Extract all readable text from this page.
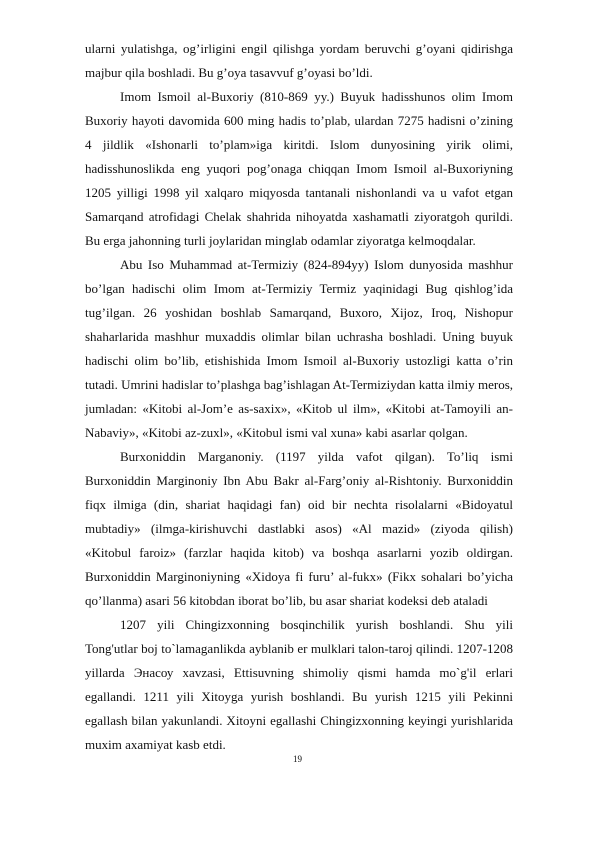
ularni yulatishga, og’irligini engil qilishga yordam beruvchi g’oyani qidirishga majbur qila boshladi. Bu g’oya tasavvuf g’oyasi bo’ldi.

Imom Ismoil al-Buxoriy (810-869 yy.) Buyuk hadisshunos olim Imom Buxoriy hayoti davomida 600 ming hadis to’plab, ulardan 7275 hadisni o’zining 4 jildlik «Ishonarli to’plam»iga kiritdi. Islom dunyosining yirik olimi, hadisshunoslikda eng yuqori pog’onaga chiqqan Imom Ismoil al-Buxoriyning 1205 yilligi 1998 yil xalqaro miqyosda tantanali nishonlandi va u vafot etgan Samarqand atrofidagi Chelak shahrida nihoyatda xashamatli ziyoratgoh qurildi. Bu erga jahonning turli joylaridan minglab odamlar ziyoratga kelmoqdalar.

Abu Iso Muhammad at-Termiziy (824-894yy) Islom dunyosida mashhur bo’lgan hadischi olim Imom at-Termiziy Termiz yaqinidagi Bug qishlog’ida tug’ilgan. 26 yoshidan boshlab Samarqand, Buxoro, Xijoz, Iroq, Nishopur shaharlarida mashhur muxaddis olimlar bilan uchrasha boshladi. Uning buyuk hadischi olim bo’lib, etishishida Imom Ismoil al-Buxoriy ustozligi katta o’rin tutadi. Umrini hadislar to’plashga bag’ishlagan At-Termiziydan katta ilmiy meros, jumladan: «Kitobi al-Jom’e as-saxix», «Kitob ul ilm», «Kitobi at-Tamoyili an-Nabaviy», «Kitobi az-zuxl», «Kitobul ismi val xuna» kabi asarlar qolgan.

Burxoniddin Marganoniy. (1197 yilda vafot qilgan). To’liq ismi Burxoniddin Marginoniy Ibn Abu Bakr al-Farg’oniy al-Rishtoniy. Burxoniddin fiqx ilmiga (din, shariat haqidagi fan) oid bir nechta risolalarni «Bidoyatul mubtadiy» (ilmga-kirishuvchi dastlabki asos) «Al mazid» (ziyoda qilish) «Kitobul faroiz» (farzlar haqida kitob) va boshqa asarlarni yozib oldirgan. Burxoniddin Marginoniyning «Xidoya fi furu’ al-fukx» (Fikx sohalari bo’yicha qo’llanma) asari 56 kitobdan iborat bo’lib, bu asar shariat kodeksi deb ataladi

1207 yili Chingizxonning bosqinchilik yurish boshlandi. Shu yili Tong'utlar boj to`lamaganlikda ayblanib er mulklari talon-taroj qilindi. 1207-1208 yillarda Энасоу xavzasi, Ettisuvning shimoliy qismi hamda mo`g'il erlari egallandi. 1211 yili Xitoyga yurish boshlandi. Bu yurish 1215 yili Pekinni egallash bilan yakunlandi. Xitoyni egallashi Chingizxonning keyingi yurishlarida muxim axamiyat kasb etdi.

19
